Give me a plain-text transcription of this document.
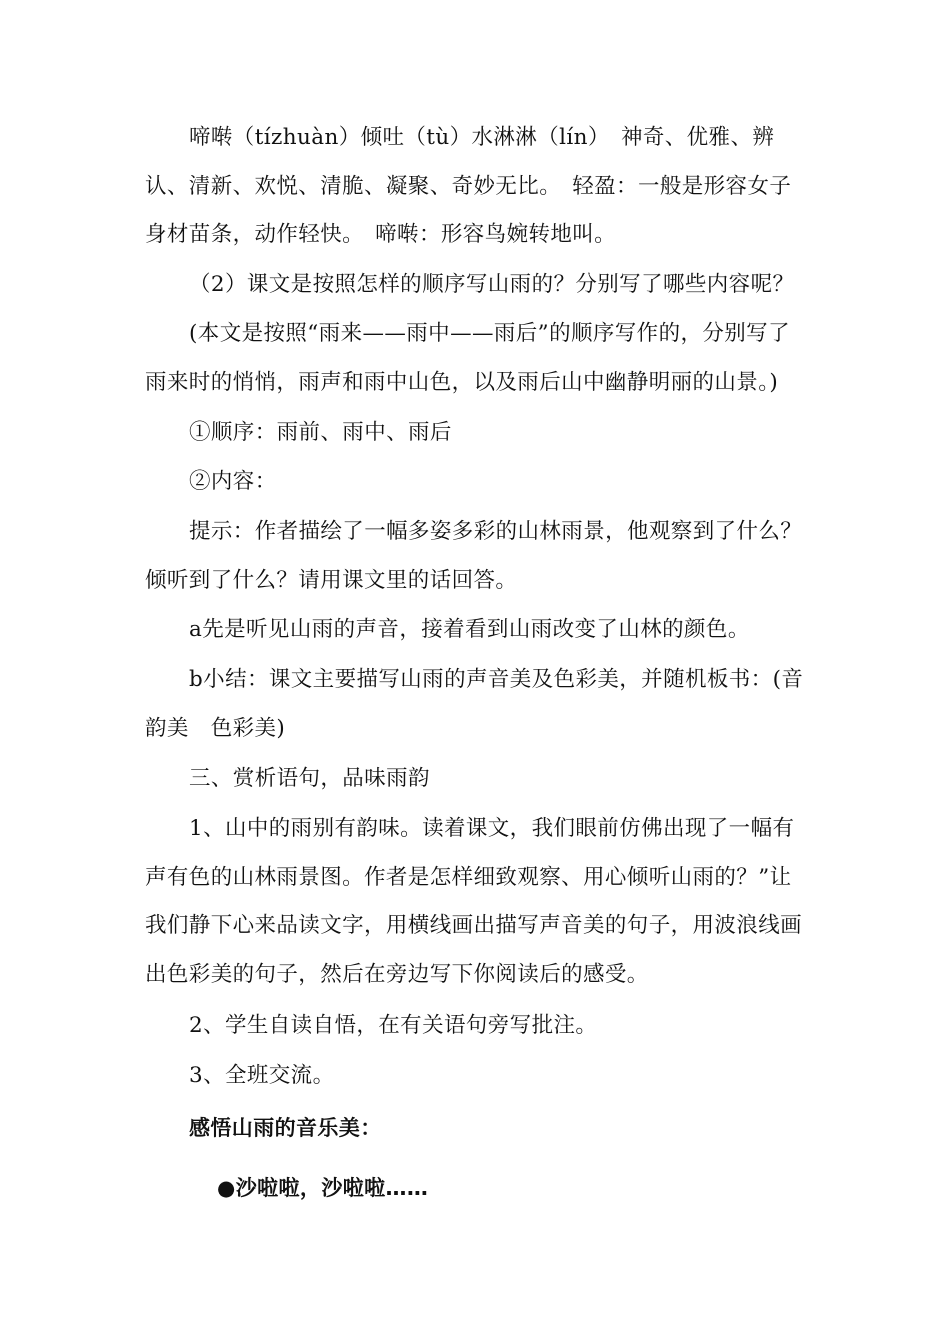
啼啭（tízhuàn）倾吐（tù）水淋淋（lín）　神奇、优雅、辨认、清新、欢悦、清脆、凝聚、奇妙无比。　轻盈：一般是形容女子身材苗条，动作轻快。　啼啭：形容鸟婉转地叫。

（2）课文是按照怎样的顺序写山雨的？分别写了哪些内容呢？

(本文是按照“雨来——雨中——雨后”的顺序写作的，分别写了雨来时的悄悄，雨声和雨中山色，以及雨后山中幽静明丽的山景。)

①顺序：雨前、雨中、雨后

②内容：

提示：作者描绘了一幅多姿多彩的山林雨景，他观察到了什么？倾听到了什么？请用课文里的话回答。

a先是听见山雨的声音，接着看到山雨改变了山林的颜色。

b小结：课文主要描写山雨的声音美及色彩美，并随机板书：(音韵美　色彩美)

三、赏析语句，品味雨韵

1、山中的雨别有韵味。读着课文，我们眼前仿佛出现了一幅有声有色的山林雨景图。作者是怎样细致观察、用心倾听山雨的？”让我们静下心来品读文字，用横线画出描写声音美的句子，用波浪线画出色彩美的句子，然后在旁边写下你阅读后的感受。

2、学生自读自悟，在有关语句旁写批注。

3、全班交流。

感悟山雨的音乐美：

●沙啦啦，沙啦啦……
